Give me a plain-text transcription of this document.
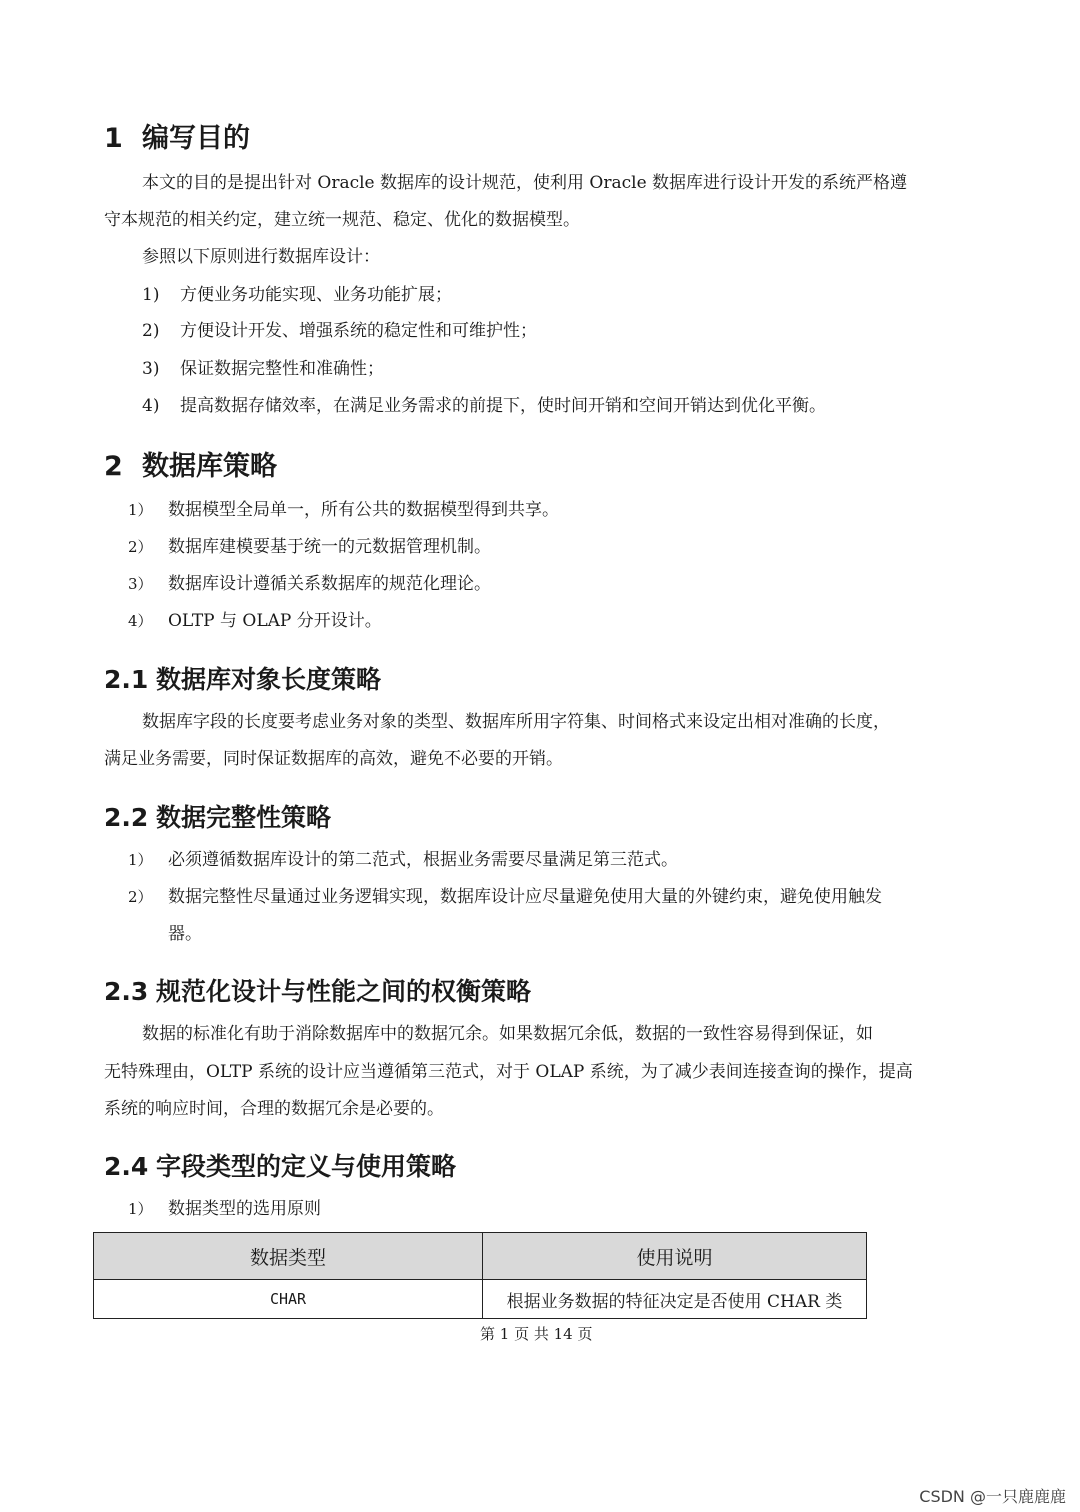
1 编写目的
本文的目的是提出针对 Oracle 数据库的设计规范，使利用 Oracle 数据库进行设计开发的系统严格遵
守本规范的相关约定，建立统一规范、稳定、优化的数据模型。
参照以下原则进行数据库设计：
1) 方便业务功能实现、业务功能扩展；
2) 方便设计开发、增强系统的稳定性和可维护性；
3) 保证数据完整性和准确性；
4) 提高数据存储效率，在满足业务需求的前提下，使时间开销和空间开销达到优化平衡。
2 数据库策略
1） 数据模型全局单一，所有公共的数据模型得到共享。
2） 数据库建模要基于统一的元数据管理机制。
3） 数据库设计遵循关系数据库的规范化理论。
4） OLTP 与 OLAP 分开设计。
2.1 数据库对象长度策略
数据库字段的长度要考虑业务对象的类型、数据库所用字符集、时间格式来设定出相对准确的长度，
满足业务需要，同时保证数据库的高效，避免不必要的开销。
2.2 数据完整性策略
1） 必须遵循数据库设计的第二范式，根据业务需要尽量满足第三范式。
2） 数据完整性尽量通过业务逻辑实现，数据库设计应尽量避免使用大量的外键约束，避免使用触发
器。
2.3 规范化设计与性能之间的权衡策略
数据的标准化有助于消除数据库中的数据冗余。如果数据冗余低，数据的一致性容易得到保证，如
无特殊理由，OLTP 系统的设计应当遵循第三范式，对于 OLAP 系统，为了减少表间连接查询的操作，提高
系统的响应时间，合理的数据冗余是必要的。
2.4 字段类型的定义与使用策略
1） 数据类型的选用原则
数据类型	使用说明
CHAR	根据业务数据的特征决定是否使用 CHAR 类
第 1 页 共 14 页
CSDN @一只鹿鹿鹿
